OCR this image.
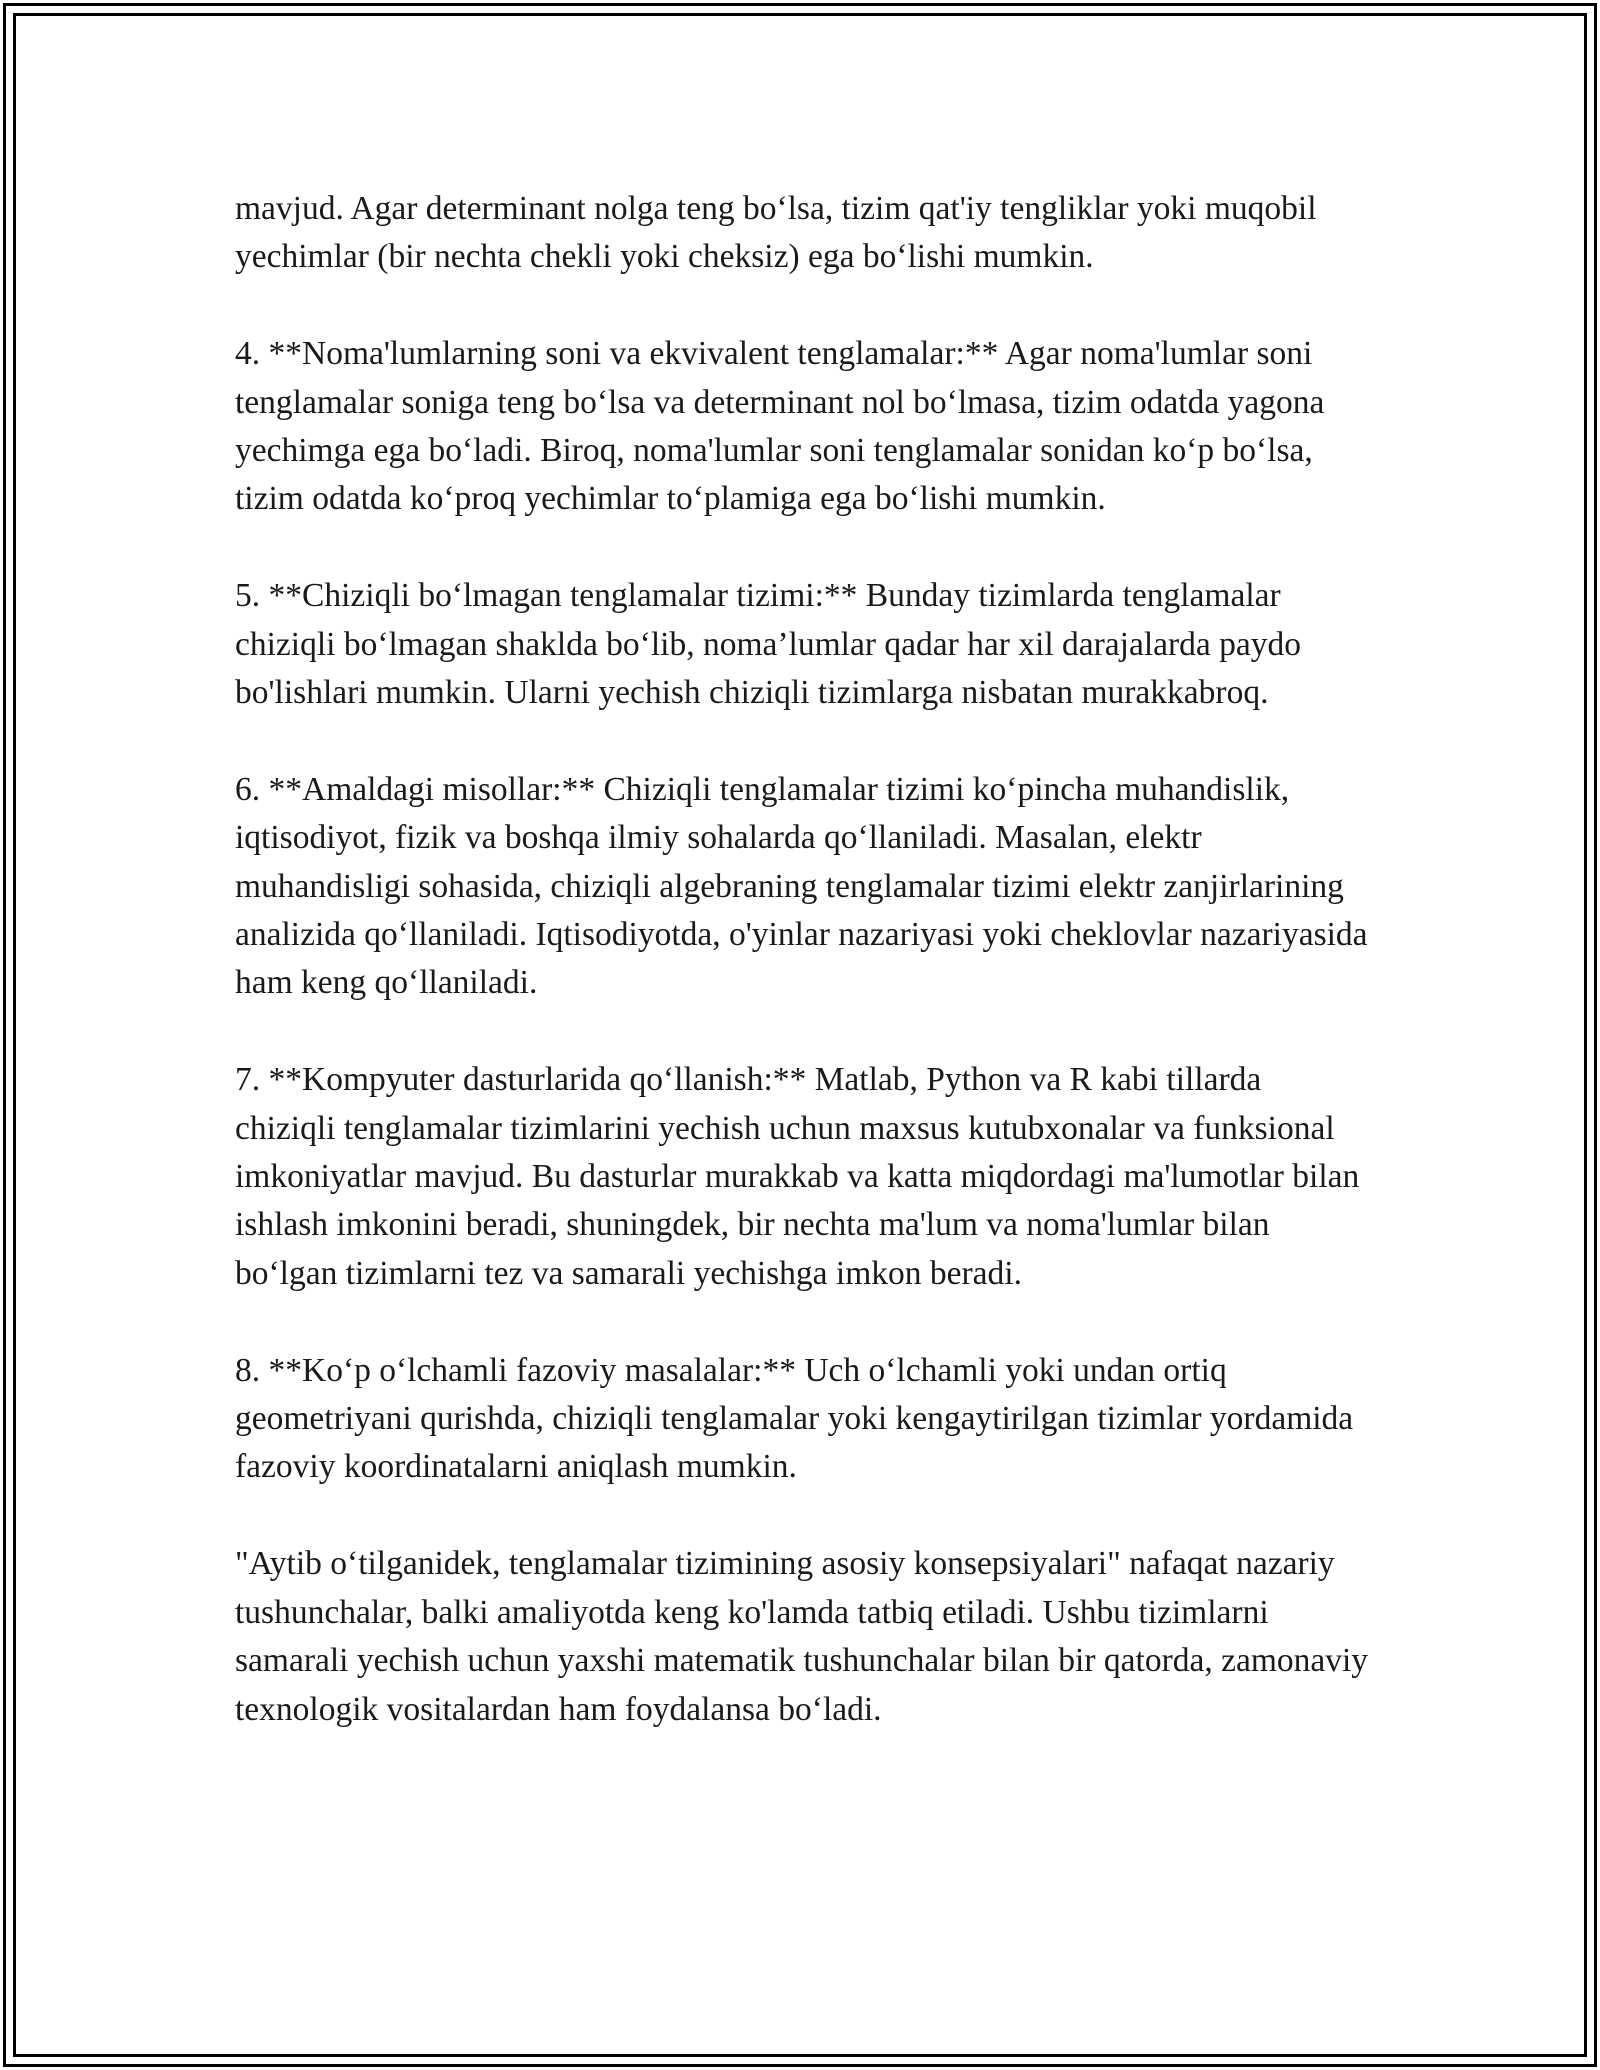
mavjud. Agar determinant nolga teng boʻlsa, tizim qat'iy tengliklar yoki muqobil yechimlar (bir nechta chekli yoki cheksiz) ega boʻlishi mumkin.

4. **Noma'lumlarning soni va ekvivalent tenglamalar:** Agar noma'lumlar soni tenglamalar soniga teng boʻlsa va determinant nol boʻlmasa, tizim odatda yagona yechimga ega boʻladi. Biroq, noma'lumlar soni tenglamalar sonidan koʻp boʻlsa, tizim odatda koʻproq yechimlar toʻplamiga ega boʻlishi mumkin.

5. **Chiziqli boʻlmagan tenglamalar tizimi:** Bunday tizimlarda tenglamalar chiziqli boʻlmagan shaklda boʻlib, noma’lumlar qadar har xil darajalarda paydo bo'lishlari mumkin. Ularni yechish chiziqli tizimlarga nisbatan murakkabroq.

6. **Amaldagi misollar:** Chiziqli tenglamalar tizimi koʻpincha muhandislik, iqtisodiyot, fizik va boshqa ilmiy sohalarda qoʻllaniladi. Masalan, elektr muhandisligi sohasida, chiziqli algebraning tenglamalar tizimi elektr zanjirlarining analizida qoʻllaniladi. Iqtisodiyotda, o'yinlar nazariyasi yoki cheklovlar nazariyasida ham keng qoʻllaniladi.

7. **Kompyuter dasturlarida qoʻllanish:** Matlab, Python va R kabi tillarda chiziqli tenglamalar tizimlarini yechish uchun maxsus kutubxonalar va funksional imkoniyatlar mavjud. Bu dasturlar murakkab va katta miqdordagi ma'lumotlar bilan ishlash imkonini beradi, shuningdek, bir nechta ma'lum va noma'lumlar bilan boʻlgan tizimlarni tez va samarali yechishga imkon beradi.

8. **Koʻp oʻlchamli fazoviy masalalar:** Uch oʻlchamli yoki undan ortiq geometriyani qurishda, chiziqli tenglamalar yoki kengaytirilgan tizimlar yordamida fazoviy koordinatalarni aniqlash mumkin.

"Aytib oʻtilganidek, tenglamalar tizimining asosiy konsepsiyalari" nafaqat nazariy tushunchalar, balki amaliyotda keng ko'lamda tatbiq etiladi. Ushbu tizimlarni samarali yechish uchun yaxshi matematik tushunchalar bilan bir qatorda, zamonaviy texnologik vositalardan ham foydalansa boʻladi.
